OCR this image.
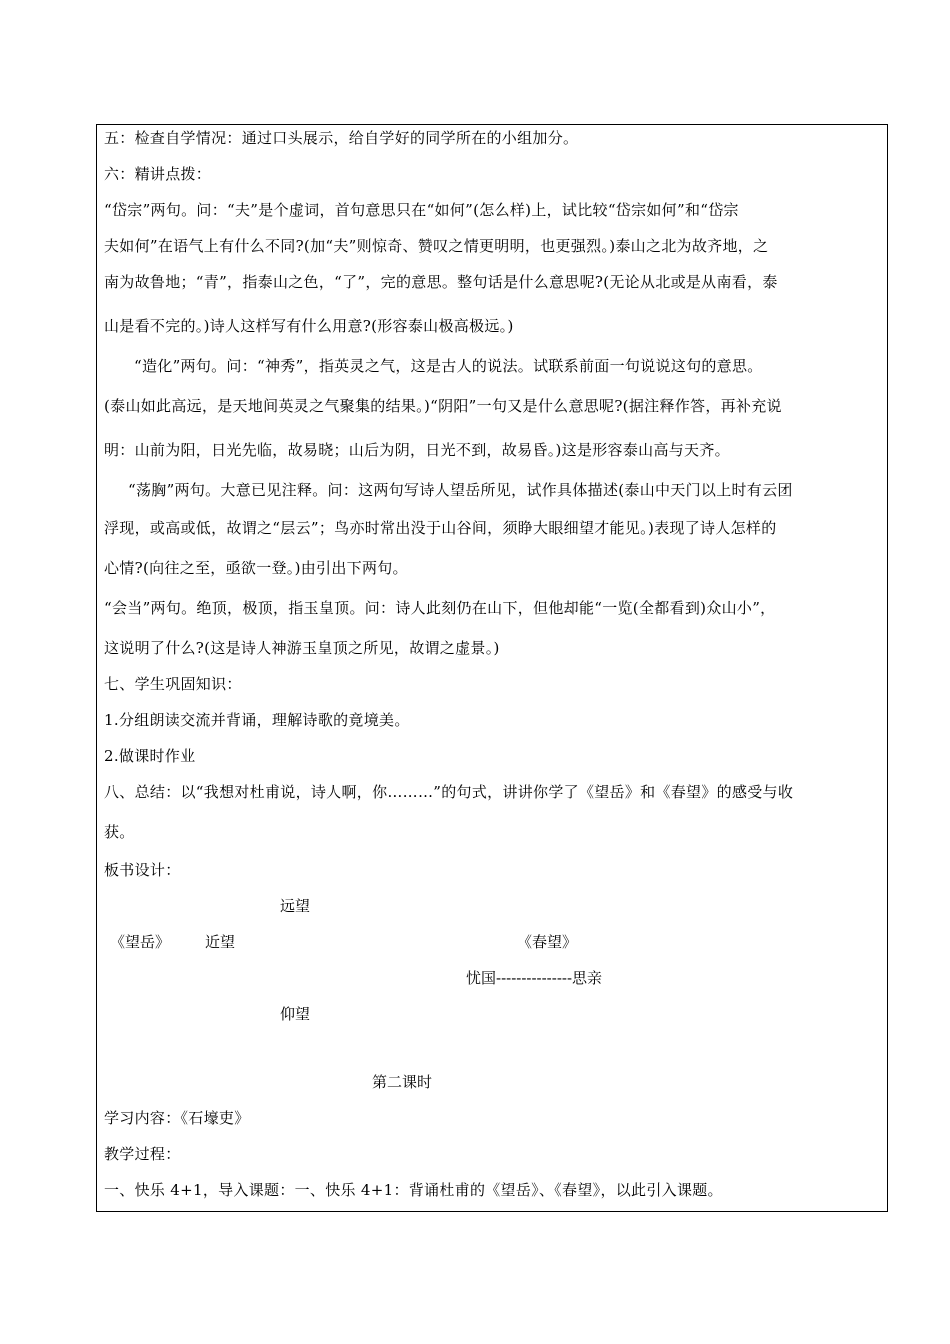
五：检查自学情况：通过口头展示，给自学好的同学所在的小组加分。
六：精讲点拨：
“岱宗”两句。问：“夫”是个虚词，首句意思只在“如何”(怎么样)上，试比较“岱宗如何”和“岱宗
夫如何”在语气上有什么不同?(加“夫”则惊奇、赞叹之情更明明，也更强烈。)泰山之北为故齐地，之
南为故鲁地；“青”，指泰山之色，“了”，完的意思。整句话是什么意思呢?(无论从北或是从南看，泰
山是看不完的。)诗人这样写有什么用意?(形容泰山极高极远。)
“造化”两句。问：“神秀”，指英灵之气，这是古人的说法。试联系前面一句说说这句的意思。
(泰山如此高远，是天地间英灵之气聚集的结果。)“阴阳”一句又是什么意思呢?(据注释作答，再补充说
明：山前为阳，日光先临，故易晓；山后为阴，日光不到，故易昏。)这是形容泰山高与天齐。
“荡胸”两句。大意已见注释。问：这两句写诗人望岳所见，试作具体描述(泰山中天门以上时有云团
浮现，或高或低，故谓之“层云”；鸟亦时常出没于山谷间，须睁大眼细望才能见。)表现了诗人怎样的
心情?(向往之至，亟欲一登。)由引出下两句。
“会当”两句。绝顶，极顶，指玉皇顶。问：诗人此刻仍在山下，但他却能“一览(全都看到)众山小”，
这说明了什么?(这是诗人神游玉皇顶之所见，故谓之虚景。)
七、学生巩固知识：
1.分组朗读交流并背诵，理解诗歌的竟境美。
2.做课时作业
八、总结：以“我想对杜甫说，诗人啊，你………”的句式，讲讲你学了《望岳》和《春望》的感受与收
获。
板书设计：
远望
《望岳》 近望	《春望》
忧国---------------思亲
仰望
第二课时
学习内容：《石壕吏》
教学过程：
一、快乐 4+1，导入课题：一、快乐 4+1：背诵杜甫的《望岳》、《春望》，以此引入课题。
